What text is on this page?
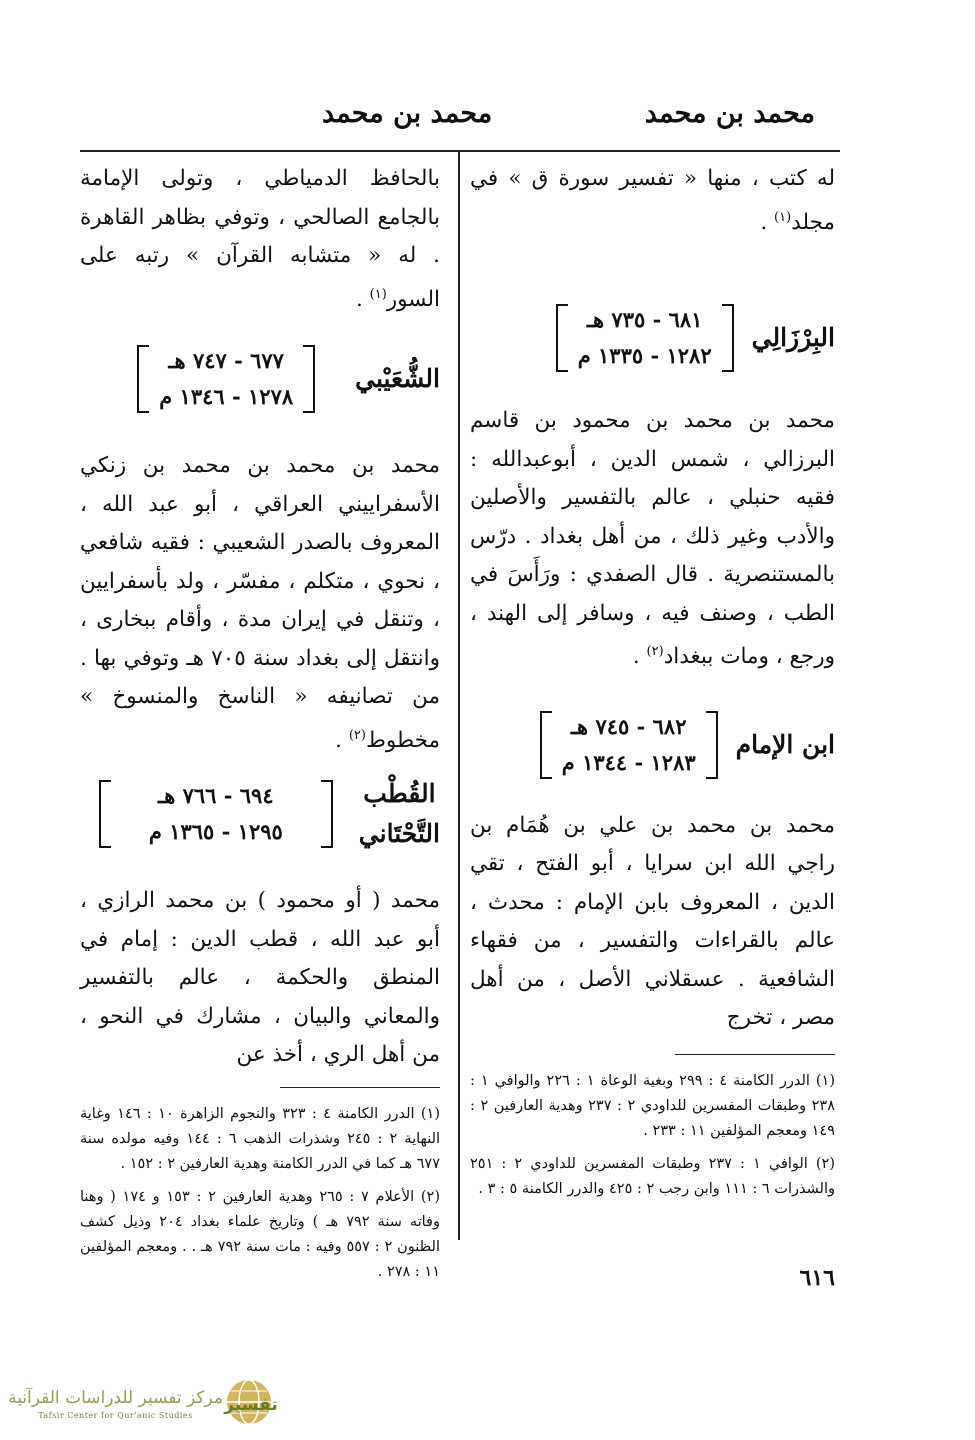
محمد بن محمد
محمد بن محمد

له كتب ، منها « تفسير سورة ق » في مجلد$^{(١)}$ .

البِرْزَالِي
٦٨١ - ٧٣٥ هـ
١٢٨٢ - ١٣٣٥ م

محمد بن محمد بن محمود بن قاسم البرزالي ، شمس الدين ، أبوعبدالله : فقيه حنبلي ، عالم بالتفسير والأصلين والأدب وغير ذلك ، من أهل بغداد . درّس بالمستنصرية . قال الصفدي : ورَأَسَ في الطب ، وصنف فيه ، وسافر إلى الهند ، ورجع ، ومات ببغداد$^{(٢)}$ .

ابن الإمام
٦٨٢ - ٧٤٥ هـ
١٢٨٣ - ١٣٤٤ م

محمد بن محمد بن علي بن هُمَام بن راجي الله ابن سرايا ، أبو الفتح ، تقي الدين ، المعروف بابن الإمام : محدث ، عالم بالقراءات والتفسير ، من فقهاء الشافعية . عسقلاني الأصل ، من أهل مصر ، تخرج

(١) الدرر الكامنة ٤ : ٢٩٩ وبغية الوعاة ١ : ٢٢٦ والوافي ١ : ٢٣٨ وطبقات المفسرين للداودي ٢ : ٢٣٧ وهدية العارفين ٢ : ١٤٩ ومعجم المؤلفين ١١ : ٢٣٣ .

(٢) الوافي ١ : ٢٣٧ وطبقات المفسرين للداودي ٢ : ٢٥١ والشذرات ٦ : ١١١ وابن رجب ٢ : ٤٢٥ والدرر الكامنة ٥ : ٣ .

بالحافظ الدمياطي ، وتولى الإمامة بالجامع الصالحي ، وتوفي بظاهر القاهرة . له « متشابه القرآن » رتبه على السور$^{(١)}$ .

الشُّعَيْبي
٦٧٧ - ٧٤٧ هـ
١٢٧٨ - ١٣٤٦ م

محمد بن محمد بن محمد بن زنكي الأسفراييني العراقي ، أبو عبد الله ، المعروف بالصدر الشعيبي : فقيه شافعي ، نحوي ، متكلم ، مفسّر ، ولد بأسفرايين ، وتنقل في إيران مدة ، وأقام ببخارى ، وانتقل إلى بغداد سنة ٧٠٥ هـ وتوفي بها . من تصانيفه « الناسخ والمنسوخ » مخطوط$^{(٢)}$ .

القُطْب
التَّحْتَاني
٦٩٤ - ٧٦٦ هـ
١٢٩٥ - ١٣٦٥ م

محمد ( أو محمود ) بن محمد الرازي ، أبو عبد الله ، قطب الدين : إمام في المنطق والحكمة ، عالم بالتفسير والمعاني والبيان ، مشارك في النحو ، من أهل الري ، أخذ عن

(١) الدرر الكامنة ٤ : ٣٢٣ والنجوم الزاهرة ١٠ : ١٤٦ وغاية النهاية ٢ : ٢٤٥ وشذرات الذهب ٦ : ١٤٤ وفيه مولده سنة ٦٧٧ هـ كما في الدرر الكامنة وهدية العارفين ٢ : ١٥٢ .

(٢) الأعلام ٧ : ٢٦٥ وهدية العارفين ٢ : ١٥٣ و ١٧٤ ( وهنا وفاته سنة ٧٩٢ هـ ) وتاريخ علماء بغداد ٢٠٤ وذيل كشف الظنون ٢ : ٥٥٧ وفيه : مات سنة ٧٩٢ هـ . . ومعجم المؤلفين ١١ : ٢٧٨ .	٦١٦
مركز تفسير للدراسات القرآنية
Tafsir Center for Qur'anic Studies
تفسير
